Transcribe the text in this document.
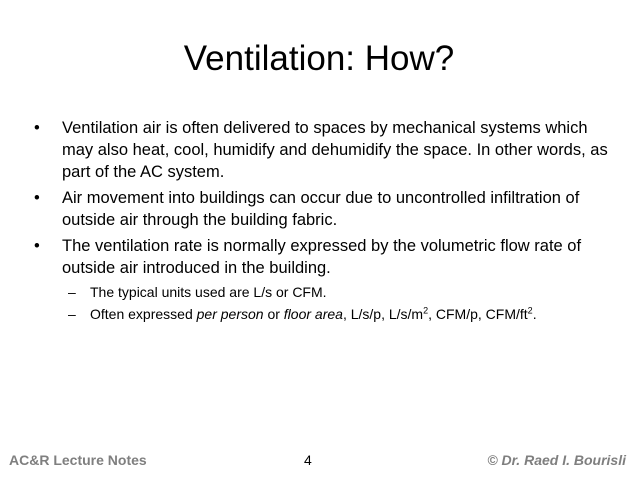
Ventilation: How?
• Ventilation air is often delivered to spaces by mechanical systems which may also heat, cool, humidify and dehumidify the space. In other words, as part of the AC system.
• Air movement into buildings can occur due to uncontrolled infiltration of outside air through the building fabric.
• The ventilation rate is normally expressed by the volumetric flow rate of outside air introduced in the building.
– The typical units used are L/s or CFM.
– Often expressed per person or floor area, L/s/p, $L/s/m^2$, CFM/p, CFM/$ft^2$.
AC&R Lecture Notes	4	© Dr. Raed I. Bourisli
